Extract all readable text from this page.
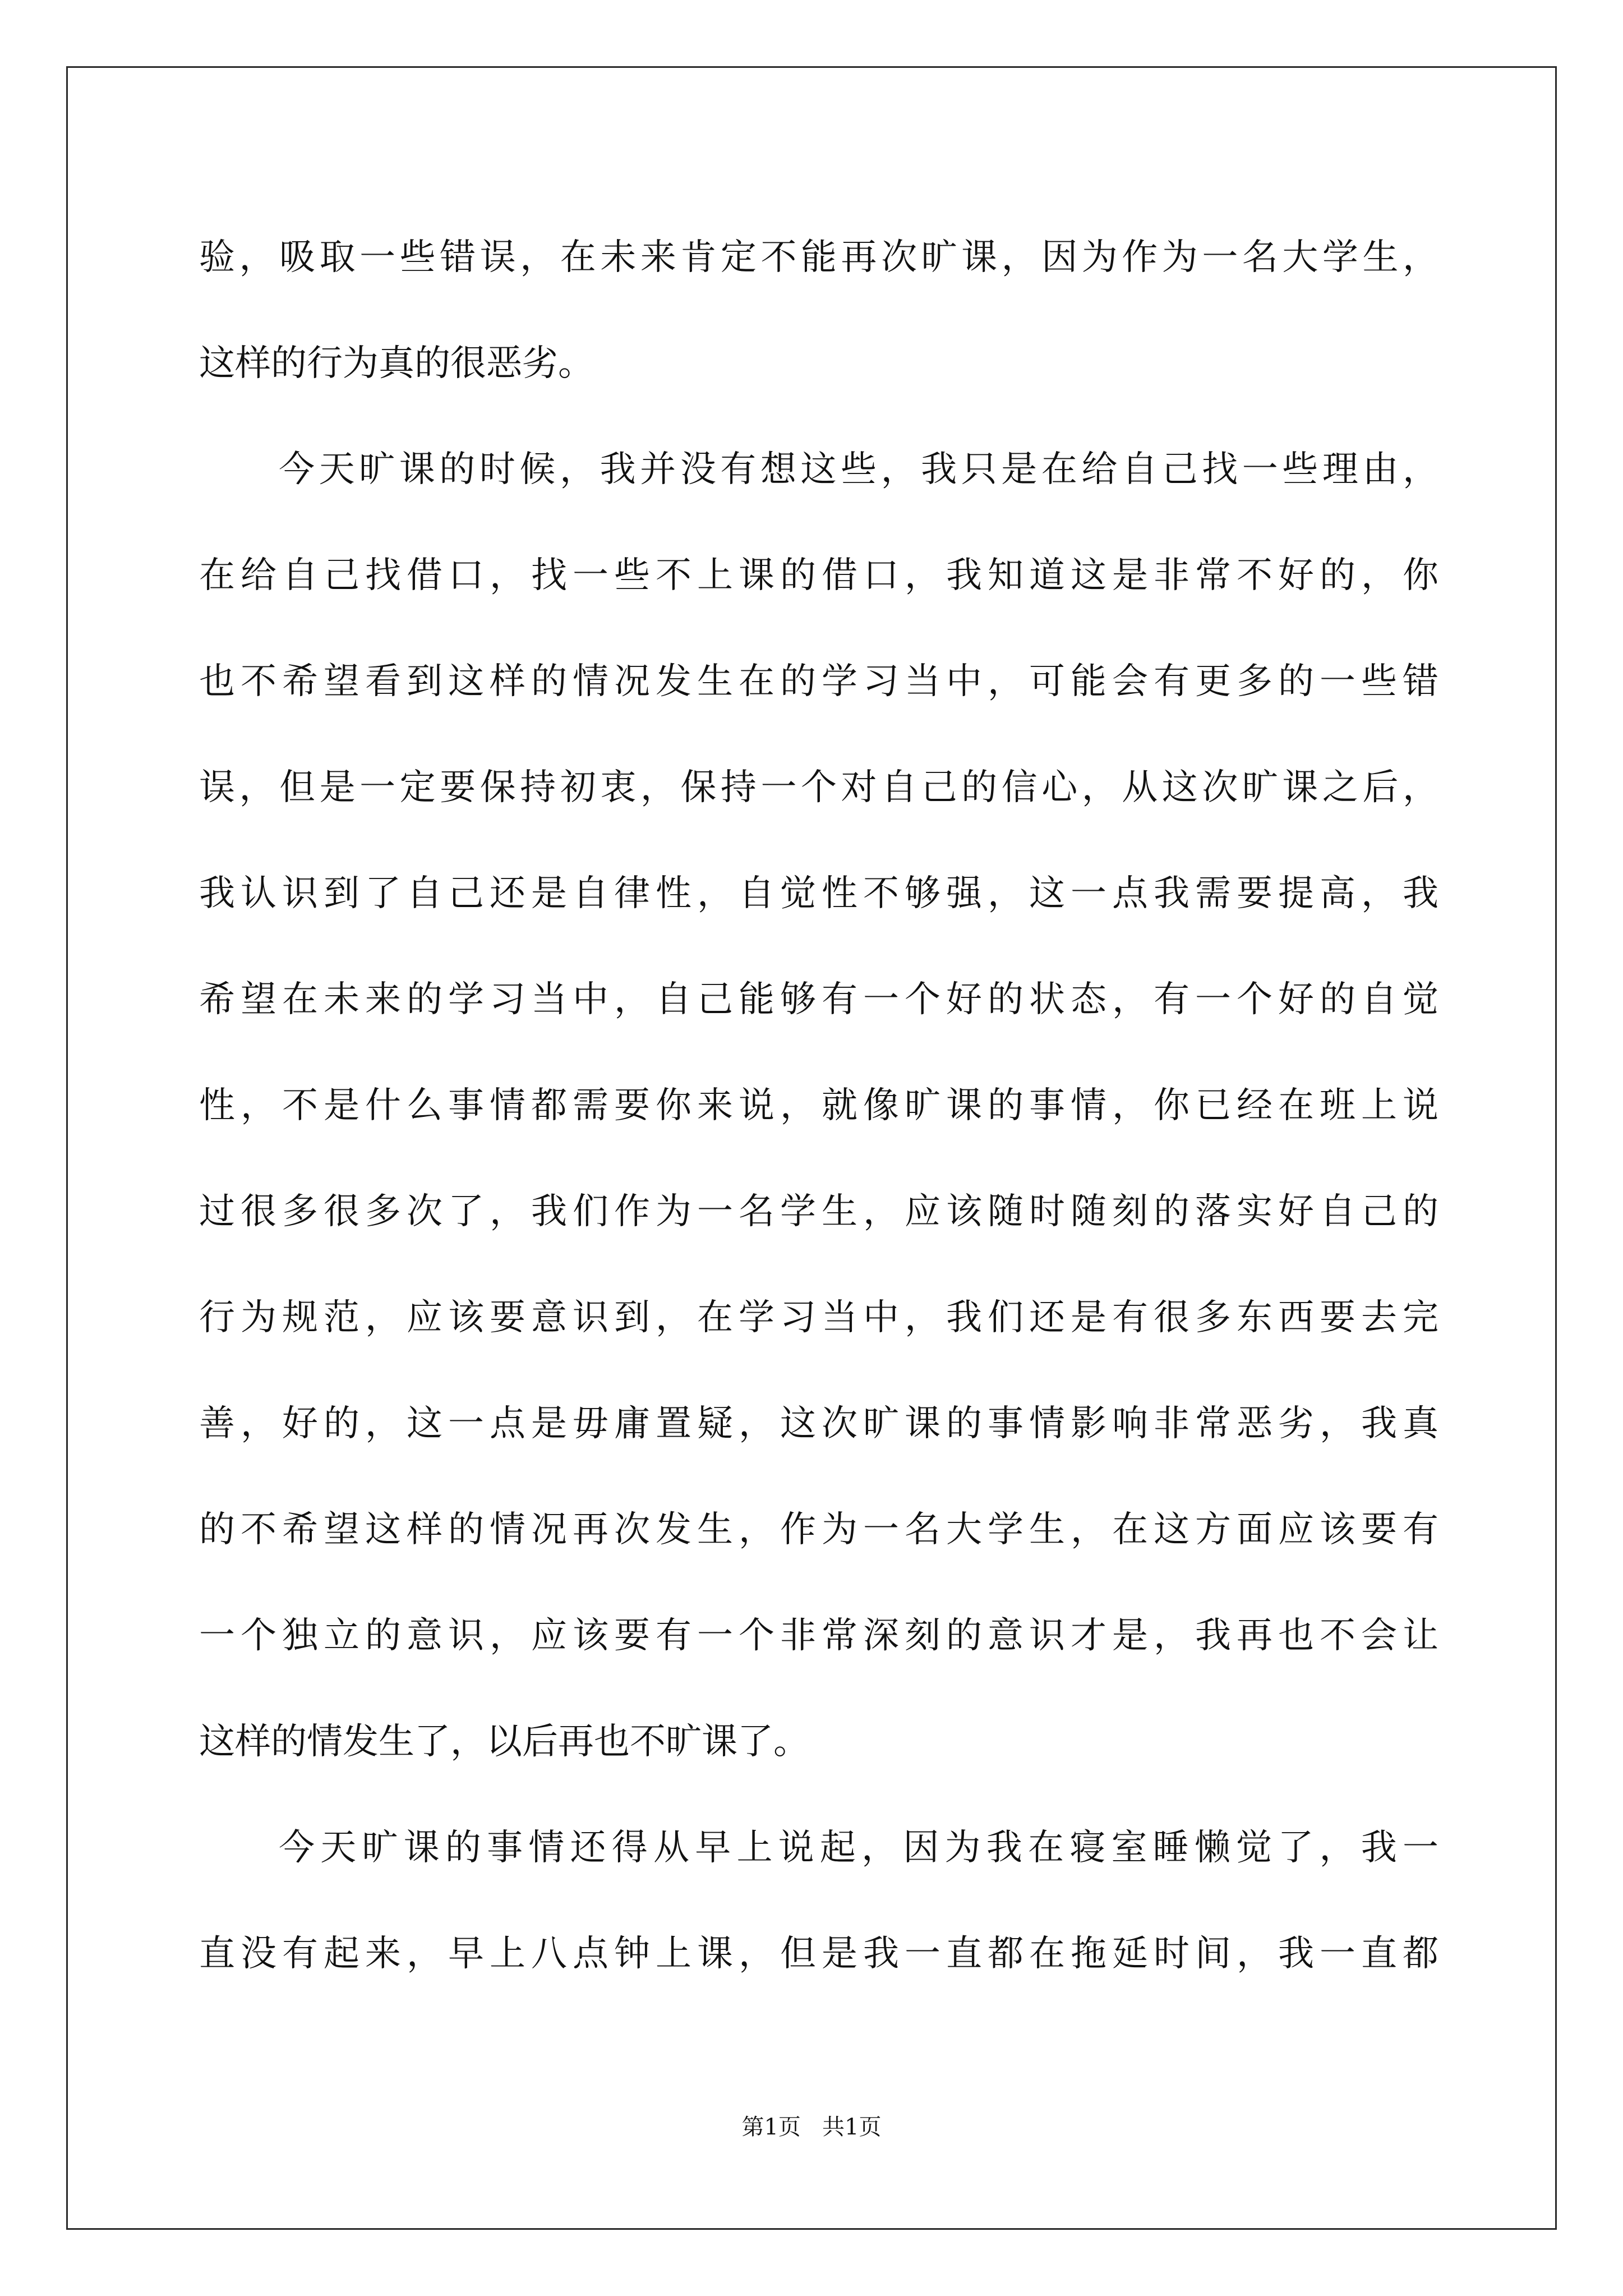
验，吸取一些错误，在未来肯定不能再次旷课，因为作为一名大学生，
这样的行为真的很恶劣。
今天旷课的时候，我并没有想这些，我只是在给自己找一些理由，
在给自己找借口，找一些不上课的借口，我知道这是非常不好的，你
也不希望看到这样的情况发生在的学习当中，可能会有更多的一些错
误，但是一定要保持初衷，保持一个对自己的信心，从这次旷课之后，
我认识到了自己还是自律性，自觉性不够强，这一点我需要提高，我
希望在未来的学习当中，自己能够有一个好的状态，有一个好的自觉
性，不是什么事情都需要你来说，就像旷课的事情，你已经在班上说
过很多很多次了，我们作为一名学生，应该随时随刻的落实好自己的
行为规范，应该要意识到，在学习当中，我们还是有很多东西要去完
善，好的，这一点是毋庸置疑，这次旷课的事情影响非常恶劣，我真
的不希望这样的情况再次发生，作为一名大学生，在这方面应该要有
一个独立的意识，应该要有一个非常深刻的意识才是，我再也不会让
这样的情发生了，以后再也不旷课了。
今天旷课的事情还得从早上说起，因为我在寝室睡懒觉了，我一
直没有起来，早上八点钟上课，但是我一直都在拖延时间，我一直都
第1页   共1页
